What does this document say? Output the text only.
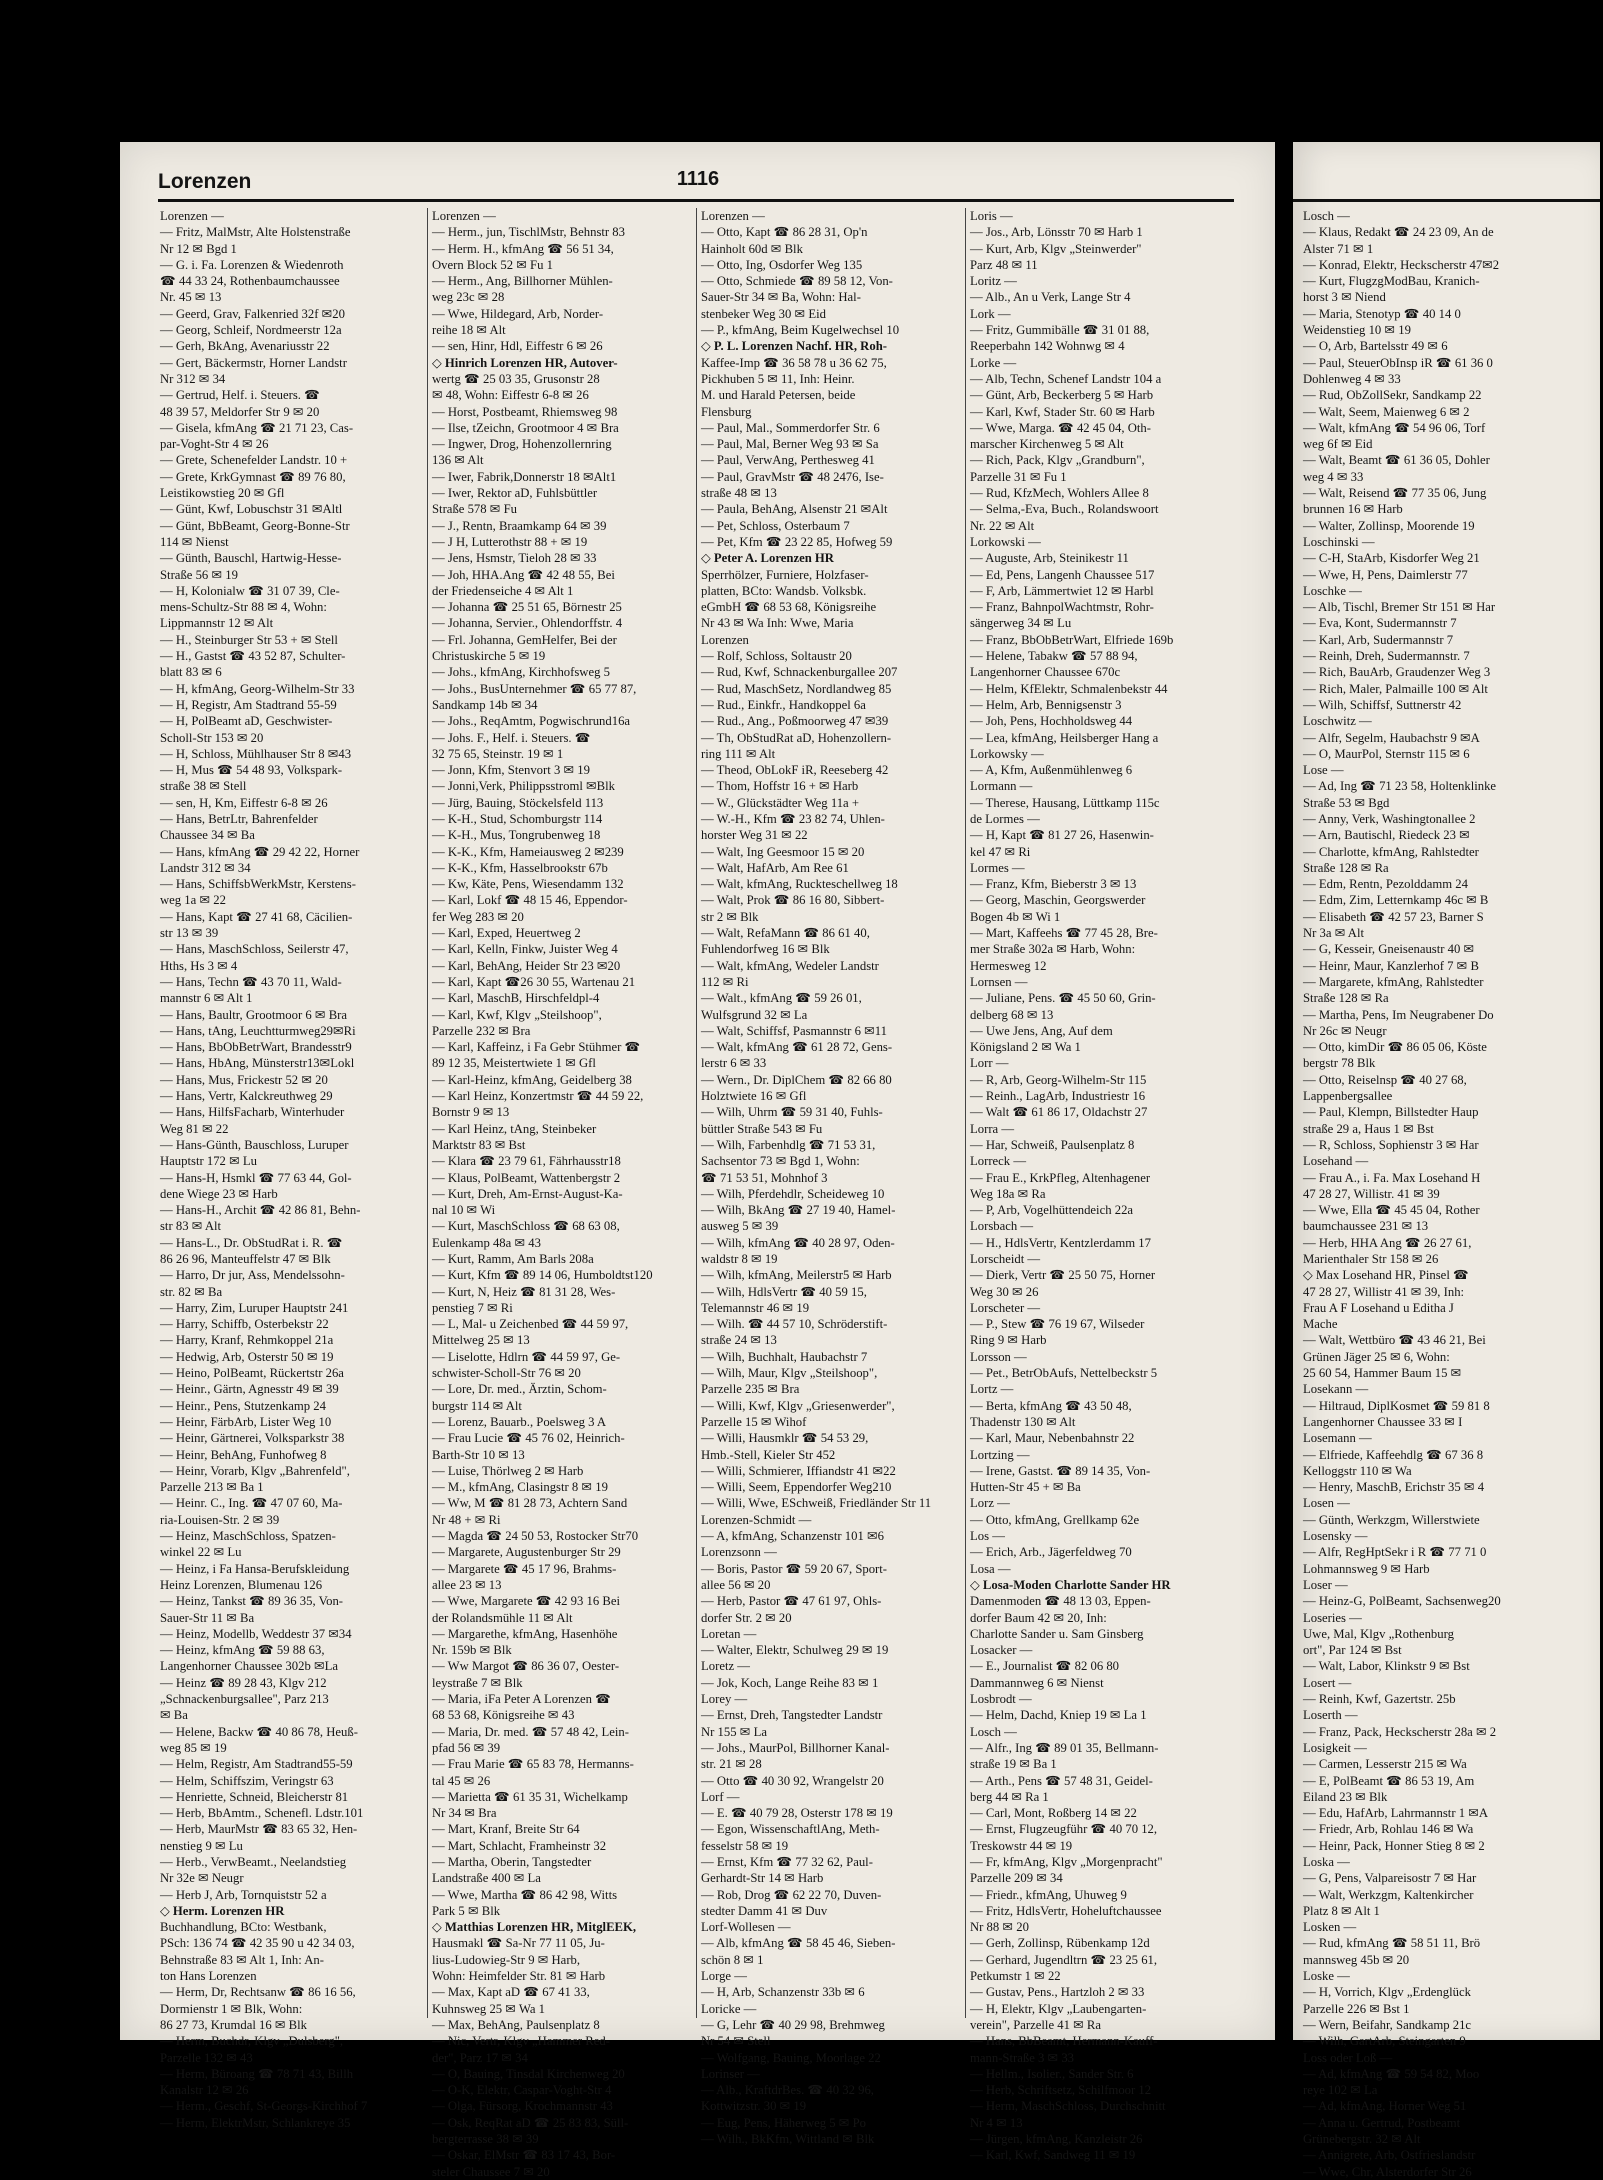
Lorenzen	1116
Lorenzen —
— Fritz, MalMstr, Alte Holstenstraße
Nr 12 ✉ Bgd 1
— G. i. Fa. Lorenzen & Wiedenroth
☎ 44 33 24, Rothenbaumchaussee
Nr. 45 ✉ 13
— Geerd, Grav, Falkenried 32f ✉20
— Georg, Schleif, Nordmeerstr 12a
— Gerh, BkAng, Avenariusstr 22
— Gert, Bäckermstr, Horner Landstr
Nr 312 ✉ 34
— Gertrud, Helf. i. Steuers. ☎
48 39 57, Meldorfer Str 9 ✉ 20
— Gisela, kfmAng ☎ 21 71 23, Cas-
par-Voght-Str 4 ✉ 26
— Grete, Schenefelder Landstr. 10 +
— Grete, KrkGymnast ☎ 89 76 80,
Leistikowstieg 20 ✉ Gfl
— Günt, Kwf, Lobuschstr 31 ✉Altl
— Günt, BbBeamt, Georg-Bonne-Str
114 ✉ Nienst
— Günth, Bauschl, Hartwig-Hesse-
Straße 56 ✉ 19
— H, Kolonialw ☎ 31 07 39, Cle-
mens-Schultz-Str 88 ✉ 4, Wohn:
Lippmannstr 12 ✉ Alt
— H., Steinburger Str 53 + ✉ Stell
— H., Gastst ☎ 43 52 87, Schulter-
blatt 83 ✉ 6
— H, kfmAng, Georg-Wilhelm-Str 33
— H, Registr, Am Stadtrand 55-59
— H, PolBeamt aD, Geschwister-
Scholl-Str 153 ✉ 20
— H, Schloss, Mühlhauser Str 8 ✉43
— H, Mus ☎ 54 48 93, Volkspark-
straße 38 ✉ Stell
— sen, H, Km, Eiffestr 6-8 ✉ 26
— Hans, BetrLtr, Bahrenfelder
Chaussee 34 ✉ Ba
— Hans, kfmAng ☎ 29 42 22, Horner
Landstr 312 ✉ 34
— Hans, SchiffsbWerkMstr, Kerstens-
weg 1a ✉ 22
— Hans, Kapt ☎ 27 41 68, Cäcilien-
str 13 ✉ 39
— Hans, MaschSchloss, Seilerstr 47,
Hths, Hs 3 ✉ 4
— Hans, Techn ☎ 43 70 11, Wald-
mannstr 6 ✉ Alt 1
— Hans, Baultr, Grootmoor 6 ✉ Bra
— Hans, tAng, Leuchtturmweg29✉Ri
— Hans, BbObBetrWart, Brandesstr9
— Hans, HbAng, Münsterstr13✉Lokl
— Hans, Mus, Frickestr 52 ✉ 20
— Hans, Vertr, Kalckreuthweg 29
— Hans, HilfsFacharb, Winterhuder
Weg 81 ✉ 22
— Hans-Günth, Bauschloss, Luruper
Hauptstr 172 ✉ Lu
— Hans-H, Hsmkl ☎ 77 63 44, Gol-
dene Wiege 23 ✉ Harb
— Hans-H., Archit ☎ 42 86 81, Behn-
str 83 ✉ Alt
— Hans-L., Dr. ObStudRat i. R. ☎
86 26 96, Manteuffelstr 47 ✉ Blk
— Harro, Dr jur, Ass, Mendelssohn-
str. 82 ✉ Ba
— Harry, Zim, Luruper Hauptstr 241
— Harry, Schiffb, Osterbekstr 22
— Harry, Kranf, Rehmkoppel 21a
— Hedwig, Arb, Osterstr 50 ✉ 19
— Heino, PolBeamt, Rückertstr 26a
— Heinr., Gärtn, Agnesstr 49 ✉ 39
— Heinr., Pens, Stutzenkamp 24
— Heinr, FärbArb, Lister Weg 10
— Heinr, Gärtnerei, Volksparkstr 38
— Heinr, BehAng, Funhofweg 8
— Heinr, Vorarb, Klgv „Bahrenfeld",
Parzelle 213 ✉ Ba 1
— Heinr. C., Ing. ☎ 47 07 60, Ma-
ria-Louisen-Str. 2 ✉ 39
— Heinz, MaschSchloss, Spatzen-
winkel 22 ✉ Lu
— Heinz, i Fa Hansa-Berufskleidung
Heinz Lorenzen, Blumenau 126
— Heinz, Tankst ☎ 89 36 35, Von-
Sauer-Str 11 ✉ Ba
— Heinz, Modellb, Weddestr 37 ✉34
— Heinz, kfmAng ☎ 59 88 63,
Langenhorner Chaussee 302b ✉La
— Heinz ☎ 89 28 43, Klgv 212
„Schnackenburgsallee", Parz 213
✉ Ba
— Helene, Backw ☎ 40 86 78, Heuß-
weg 85 ✉ 19
— Helm, Registr, Am Stadtrand55-59
— Helm, Schiffszim, Veringstr 63
— Henriette, Schneid, Bleicherstr 81
— Herb, BbAmtm., Schenefl. Ldstr.101
— Herb, MaurMstr ☎ 83 65 32, Hen-
nenstieg 9 ✉ Lu
— Herb., VerwBeamt., Neelandstieg
Nr 32e ✉ Neugr
— Herb J, Arb, Tornquiststr 52 a
◇ Herm. Lorenzen HR
Buchhandlung, BCto: Westbank,
PSch: 136 74 ☎ 42 35 90 u 42 34 03,
Behnstraße 83 ✉ Alt 1, Inh: An-
ton Hans Lorenzen
— Herm, Dr, Rechtsanw ☎ 86 16 56,
Dormienstr 1 ✉ Blk, Wohn:
86 27 73, Krumdal 16 ✉ Blk
— Herm, Buchdr, Klgv „Dulsberg",
Parzelle 132 ✉ 43
— Herm, Büroang ☎ 78 71 43, Billh
Kanalstr 12 ✉ 26
— Herm., Geschf, St-Georgs-Kirchhof 7
— Herm, ElektrMstr, Schlankreye 35
Lorenzen —
— Herm., jun, TischlMstr, Behnstr 83
— Herm. H., kfmAng ☎ 56 51 34,
Overn Block 52 ✉ Fu 1
— Herm., Ang, Billhorner Mühlen-
weg 23c ✉ 28
— Wwe, Hildegard, Arb, Norder-
reihe 18 ✉ Alt
— sen, Hinr, Hdl, Eiffestr 6 ✉ 26
◇ Hinrich Lorenzen HR, Autover-
wertg ☎ 25 03 35, Grusonstr 28
✉ 48, Wohn: Eiffestr 6-8 ✉ 26
— Horst, Postbeamt, Rhiemsweg 98
— Ilse, tZeichn, Grootmoor 4 ✉ Bra
— Ingwer, Drog, Hohenzollernring
136 ✉ Alt
— Iwer, Fabrik,Donnerstr 18 ✉Alt1
— Iwer, Rektor aD, Fuhlsbüttler
Straße 578 ✉ Fu
— J., Rentn, Braamkamp 64 ✉ 39
— J H, Lutterothstr 88 + ✉ 19
— Jens, Hsmstr, Tieloh 28 ✉ 33
— Joh, HHA.Ang ☎ 42 48 55, Bei
der Friedenseiche 4 ✉ Alt 1
— Johanna ☎ 25 51 65, Börnestr 25
— Johanna, Servier., Ohlendorffstr. 4
— Frl. Johanna, GemHelfer, Bei der
Christuskirche 5 ✉ 19
— Johs., kfmAng, Kirchhofsweg 5
— Johs., BusUnternehmer ☎ 65 77 87,
Sandkamp 14b ✉ 34
— Johs., ReqAmtm, Pogwischrund16a
— Johs. F., Helf. i. Steuers. ☎
32 75 65, Steinstr. 19 ✉ 1
— Jonn, Kfm, Stenvort 3 ✉ 19
— Jonni,Verk, Philippsstroml ✉Blk
— Jürg, Bauing, Stöckelsfeld 113
— K-H., Stud, Schomburgstr 114
— K-H., Mus, Tongrubenweg 18
— K-K., Kfm, Hameiausweg 2 ✉239
— K-K., Kfm, Hasselbrookstr 67b
— Kw, Käte, Pens, Wiesendamm 132
— Karl, Lokf ☎ 48 15 46, Eppendor-
fer Weg 283 ✉ 20
— Karl, Exped, Heuertweg 2
— Karl, Kelln, Finkw, Juister Weg 4
— Karl, BehAng, Heider Str 23 ✉20
— Karl, Kapt ☎26 30 55, Wartenau 21
— Karl, MaschB, Hirschfeldpl-4
— Karl, Kwf, Klgv „Steilshoop",
Parzelle 232 ✉ Bra
— Karl, Kaffeinz, i Fa Gebr Stühmer ☎
89 12 35, Meistertwiete 1 ✉ Gfl
— Karl-Heinz, kfmAng, Geidelberg 38
— Karl Heinz, Konzertmstr ☎ 44 59 22,
Bornstr 9 ✉ 13
— Karl Heinz, tAng, Steinbeker
Marktstr 83 ✉ Bst
— Klara ☎ 23 79 61, Fährhausstr18
— Klaus, PolBeamt, Wattenbergstr 2
— Kurt, Dreh, Am-Ernst-August-Ka-
nal 10 ✉ Wi
— Kurt, MaschSchloss ☎ 68 63 08,
Eulenkamp 48a ✉ 43
— Kurt, Ramm, Am Barls 208a
— Kurt, Kfm ☎ 89 14 06, Humboldtst120
— Kurt, N, Heiz ☎ 81 31 28, Wes-
penstieg 7 ✉ Ri
— L, Mal- u Zeichenbed ☎ 44 59 97,
Mittelweg 25 ✉ 13
— Liselotte, Hdlrn ☎ 44 59 97, Ge-
schwister-Scholl-Str 76 ✉ 20
— Lore, Dr. med., Ärztin, Schom-
burgstr 114 ✉ Alt
— Lorenz, Bauarb., Poelsweg 3 A
— Frau Lucie ☎ 45 76 02, Heinrich-
Barth-Str 10 ✉ 13
— Luise, Thörlweg 2 ✉ Harb
— M., kfmAng, Clasingstr 8 ✉ 19
— Ww, M ☎ 81 28 73, Achtern Sand
Nr 48 + ✉ Ri
— Magda ☎ 24 50 53, Rostocker Str70
— Margarete, Augustenburger Str 29
— Margarete ☎ 45 17 96, Brahms-
allee 23 ✉ 13
— Wwe, Margarete ☎ 42 93 16 Bei
der Rolandsmühle 11 ✉ Alt
— Margarethe, kfmAng, Hasenhöhe
Nr. 159b ✉ Blk
— Ww Margot ☎ 86 36 07, Oester-
leystraße 7 ✉ Blk
— Maria, iFa Peter A Lorenzen ☎
68 53 68, Königsreihe ✉ 43
— Maria, Dr. med. ☎ 57 48 42, Lein-
pfad 56 ✉ 39
— Frau Marie ☎ 65 83 78, Hermanns-
tal 45 ✉ 26
— Marietta ☎ 61 35 31, Wichelkamp
Nr 34 ✉ Bra
— Mart, Kranf, Breite Str 64
— Mart, Schlacht, Framheinstr 32
— Martha, Oberin, Tangstedter
Landstraße 400 ✉ La
— Wwe, Martha ☎ 86 42 98, Witts
Park 5 ✉ Blk
◇ Matthias Lorenzen HR, MitglEEK,
Hausmakl ☎ Sa-Nr 77 11 05, Ju-
lius-Ludowieg-Str 9 ✉ Harb,
Wohn: Heimfelder Str. 81 ✉ Harb
— Max, Kapt aD ☎ 67 41 33,
Kuhnsweg 25 ✉ Wa 1
— Max, BehAng, Paulsenplatz 8
— Nic, Vertr, Klgv „Hammer Red-
der", Parz 17 ✉ 34
— O, Bauing, Tinsdal Kirchenweg 20
— O-K, Elektr, Caspar-Voght-Str 4
— Olga, Fürsorg, Krochmannstr 43
— Osk, ReqRat aD ☎ 25 83 83, Süll-
bergterrasse 38 ✉ 39
— Oskar, ElMstr ☎ 83 17 43, Bor-
steler Chaussee 7 ✉ 20
Lorenzen —
— Otto, Kapt ☎ 86 28 31, Op'n
Hainholt 60d ✉ Blk
— Otto, Ing, Osdorfer Weg 135
— Otto, Schmiede ☎ 89 58 12, Von-
Sauer-Str 34 ✉ Ba, Wohn: Hal-
stenbeker Weg 30 ✉ Eid
— P., kfmAng, Beim Kugelwechsel 10
◇ P. L. Lorenzen Nachf. HR, Roh-
Kaffee-Imp ☎ 36 58 78 u 36 62 75,
Pickhuben 5 ✉ 11, Inh: Heinr.
M. und Harald Petersen, beide
Flensburg
— Paul, Mal., Sommerdorfer Str. 6
— Paul, Mal, Berner Weg 93 ✉ Sa
— Paul, VerwAng, Perthesweg 41
— Paul, GravMstr ☎ 48 2476, Ise-
straße 48 ✉ 13
— Paula, BehAng, Alsenstr 21 ✉Alt
— Pet, Schloss, Osterbaum 7
— Pet, Kfm ☎ 23 22 85, Hofweg 59
◇ Peter A. Lorenzen HR
Sperrhölzer, Furniere, Holzfaser-
platten, BCto: Wandsb. Volksbk.
eGmbH ☎ 68 53 68, Königsreihe
Nr 43 ✉ Wa Inh: Wwe, Maria
Lorenzen
— Rolf, Schloss, Soltaustr 20
— Rud, Kwf, Schnackenburgallee 207
— Rud, MaschSetz, Nordlandweg 85
— Rud., Einkfr., Handkoppel 6a
— Rud., Ang., Poßmoorweg 47 ✉39
— Th, ObStudRat aD, Hohenzollern-
ring 111 ✉ Alt
— Theod, ObLokF iR, Reeseberg 42
— Thom, Hoffstr 16 + ✉ Harb
— W., Glückstädter Weg 11a +
— W.-H., Kfm ☎ 23 82 74, Uhlen-
horster Weg 31 ✉ 22
— Walt, Ing Geesmoor 15 ✉ 20
— Walt, HafArb, Am Ree 61
— Walt, kfmAng, Ruckteschellweg 18
— Walt, Prok ☎ 86 16 80, Sibbert-
str 2 ✉ Blk
— Walt, RefaMann ☎ 86 61 40,
Fuhlendorfweg 16 ✉ Blk
— Walt, kfmAng, Wedeler Landstr
112 ✉ Ri
— Walt., kfmAng ☎ 59 26 01,
Wulfsgrund 32 ✉ La
— Walt, Schiffsf, Pasmannstr 6 ✉11
— Walt, kfmAng ☎ 61 28 72, Gens-
lerstr 6 ✉ 33
— Wern., Dr. DiplChem ☎ 82 66 80
Holztwiete 16 ✉ Gfl
— Wilh, Uhrm ☎ 59 31 40, Fuhls-
büttler Straße 543 ✉ Fu
— Wilh, Farbenhdlg ☎ 71 53 31,
Sachsentor 73 ✉ Bgd 1, Wohn:
☎ 71 53 51, Mohnhof 3
— Wilh, Pferdehdlr, Scheideweg 10
— Wilh, BkAng ☎ 27 19 40, Hamel-
ausweg 5 ✉ 39
— Wilh, kfmAng ☎ 40 28 97, Oden-
waldstr 8 ✉ 19
— Wilh, kfmAng, Meilerstr5 ✉ Harb
— Wilh, HdlsVertr ☎ 40 59 15,
Telemannstr 46 ✉ 19
— Wilh. ☎ 44 57 10, Schröderstift-
straße 24 ✉ 13
— Wilh, Buchhalt, Haubachstr 7
— Wilh, Maur, Klgv „Steilshoop",
Parzelle 235 ✉ Bra
— Willi, Kwf, Klgv „Griesenwerder",
Parzelle 15 ✉ Wihof
— Willi, Hausmklr ☎ 54 53 29,
Hmb.-Stell, Kieler Str 452
— Willi, Schmierer, Iffiandstr 41 ✉22
— Willi, Seem, Eppendorfer Weg210
— Willi, Wwe, ESchweiß, Friedländer Str 11
Lorenzen-Schmidt —
— A, kfmAng, Schanzenstr 101 ✉6
Lorenzsonn —
— Boris, Pastor ☎ 59 20 67, Sport-
allee 56 ✉ 20
— Herb, Pastor ☎ 47 61 97, Ohls-
dorfer Str. 2 ✉ 20
Loretan —
— Walter, Elektr, Schulweg 29 ✉ 19
Loretz —
— Jok, Koch, Lange Reihe 83 ✉ 1
Lorey —
— Ernst, Dreh, Tangstedter Landstr
Nr 155 ✉ La
— Johs., MaurPol, Billhorner Kanal-
str. 21 ✉ 28
— Otto ☎ 40 30 92, Wrangelstr 20
Lorf —
— E. ☎ 40 79 28, Osterstr 178 ✉ 19
— Egon, WissenschaftlAng, Meth-
fesselstr 58 ✉ 19
— Ernst, Kfm ☎ 77 32 62, Paul-
Gerhardt-Str 14 ✉ Harb
— Rob, Drog ☎ 62 22 70, Duven-
stedter Damm 41 ✉ Duv
Lorf-Wollesen —
— Alb, kfmAng ☎ 58 45 46, Sieben-
schön 8 ✉ 1
Lorge —
— H, Arb, Schanzenstr 33b ✉ 6
Loricke —
— G, Lehr ☎ 40 29 98, Brehmweg
Nr 54 ✉ Stell
— Wolfgang, Bauing, Moorlage 22
Lorinser —
— Alb., KraftdrBes. ☎ 40 32 96,
Kottwitzstr. 30 ✉ 19
— Eug, Pens, Häherweg 5 ✉ Po
— Wilh., BkKfm, Wittland ✉ Blk
Loris —
— Jos., Arb, Lönsstr 70 ✉ Harb 1
— Kurt, Arb, Klgv „Steinwerder"
Parz 48 ✉ 11
Loritz —
— Alb., An u Verk, Lange Str 4
Lork —
— Fritz, Gummibälle ☎ 31 01 88,
Reeperbahn 142 Wohnwg ✉ 4
Lorke —
— Alb, Techn, Schenef Landstr 104 a
— Günt, Arb, Beckerberg 5 ✉ Harb
— Karl, Kwf, Stader Str. 60 ✉ Harb
— Wwe, Marga. ☎ 42 45 04, Oth-
marscher Kirchenweg 5 ✉ Alt
— Rich, Pack, Klgv „Grandburn",
Parzelle 31 ✉ Fu 1
— Rud, KfzMech, Wohlers Allee 8
— Selma,-Eva, Buch., Rolandswoort
Nr. 22 ✉ Alt
Lorkowski —
— Auguste, Arb, Steinikestr 11
— Ed, Pens, Langenh Chaussee 517
— F, Arb, Lämmertwiet 12 ✉ Harbl
— Franz, BahnpolWachtmstr, Rohr-
sängerweg 34 ✉ Lu
— Franz, BbObBetrWart, Elfriede 169b
— Helene, Tabakw ☎ 57 88 94,
Langenhorner Chaussee 670c
— Helm, KfElektr, Schmalenbekstr 44
— Helm, Arb, Bennigsenstr 3
— Joh, Pens, Hochholdsweg 44
— Lea, kfmAng, Heilsberger Hang a
Lorkowsky —
— A, Kfm, Außenmühlenweg 6
Lormann —
— Therese, Hausang, Lüttkamp 115c
de Lormes —
— H, Kapt ☎ 81 27 26, Hasenwin-
kel 47 ✉ Ri
Lormes —
— Franz, Kfm, Bieberstr 3 ✉ 13
— Georg, Maschin, Georgswerder
Bogen 4b ✉ Wi 1
— Mart, Kaffeehs ☎ 77 45 28, Bre-
mer Straße 302a ✉ Harb, Wohn:
Hermesweg 12
Lornsen —
— Juliane, Pens. ☎ 45 50 60, Grin-
delberg 68 ✉ 13
— Uwe Jens, Ang, Auf dem
Königsland 2 ✉ Wa 1
Lorr —
— R, Arb, Georg-Wilhelm-Str 115
— Reinh., LagArb, Industriestr 16
— Walt ☎ 61 86 17, Oldachstr 27
Lorra —
— Har, Schweiß, Paulsenplatz 8
Lorreck —
— Frau E., KrkPfleg, Altenhagener
Weg 18a ✉ Ra
— P, Arb, Vogelhüttendeich 22a
Lorsbach —
— H., HdlsVertr, Kentzlerdamm 17
Lorscheidt —
— Dierk, Vertr ☎ 25 50 75, Horner
Weg 30 ✉ 26
Lorscheter —
— P., Stew ☎ 76 19 67, Wilseder
Ring 9 ✉ Harb
Lorsson —
— Pet., BetrObAufs, Nettelbeckstr 5
Lortz —
— Berta, kfmAng ☎ 43 50 48,
Thadenstr 130 ✉ Alt
— Karl, Maur, Nebenbahnstr 22
Lortzing —
— Irene, Gastst. ☎ 89 14 35, Von-
Hutten-Str 45 + ✉ Ba
Lorz —
— Otto, kfmAng, Grellkamp 62e
Los —
— Erich, Arb., Jägerfeldweg 70
Losa —
◇ Losa-Moden Charlotte Sander HR
Damenmoden ☎ 48 13 03, Eppen-
dorfer Baum 42 ✉ 20, Inh:
Charlotte Sander u. Sam Ginsberg
Losacker —
— E., Journalist ☎ 82 06 80
Dammannweg 6 ✉ Nienst
Losbrodt —
— Helm, Dachd, Kniep 19 ✉ La 1
Losch —
— Alfr., Ing ☎ 89 01 35, Bellmann-
straße 19 ✉ Ba 1
— Arth., Pens ☎ 57 48 31, Geidel-
berg 44 ✉ Ra 1
— Carl, Mont, Roßberg 14 ✉ 22
— Ernst, Flugzeugführ ☎ 40 70 12,
Treskowstr 44 ✉ 19
— Fr, kfmAng, Klgv „Morgenpracht"
Parzelle 209 ✉ 34
— Friedr., kfmAng, Uhuweg 9
— Fritz, HdlsVertr, Hoheluftchaussee
Nr 88 ✉ 20
— Gerh, Zollinsp, Rübenkamp 12d
— Gerhard, Jugendltrn ☎ 23 25 61,
Petkumstr 1 ✉ 22
— Gustav, Pens., Hartzloh 2 ✉ 33
— H, Elektr, Klgv „Laubengarten-
verein", Parzelle 41 ✉ Ra
— Hans, BbBeamt, Hermann-Kauff-
mann-Straße 3 ✉ 33
— Hellm., Isolier., Sander Str. 6
— Herb, Schriftsetz, Schilfmoor 12
— Herm, MaschSchloss, Durchschnitt
Nr 4 ✉ 13
— Jürgen, kfmAng, Kanzleistr 26
— Karl, Kwf, Sandweg 11 ✉ 19
Losch —
— Klaus, Redakt ☎ 24 23 09, An de
Alster 71 ✉ 1
— Konrad, Elektr, Heckscherstr 47✉2
— Kurt, FlugzgModBau, Kranich-
horst 3 ✉ Niend
— Maria, Stenotyp ☎ 40 14 0
Weidenstieg 10 ✉ 19
— O, Arb, Bartelsstr 49 ✉ 6
— Paul, SteuerObInsp iR ☎ 61 36 0
Dohlenweg 4 ✉ 33
— Rud, ObZollSekr, Sandkamp 22
— Walt, Seem, Maienweg 6 ✉ 2
— Walt, kfmAng ☎ 54 96 06, Torf
weg 6f ✉ Eid
— Walt, Beamt ☎ 61 36 05, Dohler
weg 4 ✉ 33
— Walt, Reisend ☎ 77 35 06, Jung
brunnen 16 ✉ Harb
— Walter, Zollinsp, Moorende 19
Loschinski —
— C-H, StaArb, Kisdorfer Weg 21
— Wwe, H, Pens, Daimlerstr 77
Loschke —
— Alb, Tischl, Bremer Str 151 ✉ Har
— Eva, Kont, Sudermannstr 7
— Karl, Arb, Sudermannstr 7
— Reinh, Dreh, Sudermannstr. 7
— Rich, BauArb, Graudenzer Weg 3
— Rich, Maler, Palmaille 100 ✉ Alt
— Wilh, Schiffsf, Suttnerstr 42
Loschwitz —
— Alfr, Segelm, Haubachstr 9 ✉A
— O, MaurPol, Sternstr 115 ✉ 6
Lose —
— Ad, Ing ☎ 71 23 58, Holtenklinke
Straße 53 ✉ Bgd
— Anny, Verk, Washingtonallee 2
— Arn, Bautischl, Riedeck 23 ✉
— Charlotte, kfmAng, Rahlstedter
Straße 128 ✉ Ra
— Edm, Rentn, Pezolddamm 24
— Edm, Zim, Letternkamp 46c ✉ B
— Elisabeth ☎ 42 57 23, Barner S
Nr 3a ✉ Alt
— G, Kesseir, Gneisenaustr 40 ✉
— Heinr, Maur, Kanzlerhof 7 ✉ B
— Margarete, kfmAng, Rahlstedter
Straße 128 ✉ Ra
— Martha, Pens, Im Neugrabener Do
Nr 26c ✉ Neugr
— Otto, kimDir ☎ 86 05 06, Köste
bergstr 78 Blk
— Otto, Reiselnsp ☎ 40 27 68,
Lappenbergsallee
— Paul, Klempn, Billstedter Haup
straße 29 a, Haus 1 ✉ Bst
— R, Schloss, Sophienstr 3 ✉ Har
Losehand —
— Frau A., i. Fa. Max Losehand H
47 28 27, Willistr. 41 ✉ 39
— Wwe, Ella ☎ 45 45 04, Rother
baumchaussee 231 ✉ 13
— Herb, HHA Ang ☎ 26 27 61,
Marienthaler Str 158 ✉ 26
◇ Max Losehand HR, Pinsel ☎
47 28 27, Willistr 41 ✉ 39, Inh:
Frau A F Losehand u Editha J
Mache
— Walt, Wettbüro ☎ 43 46 21, Bei
Grünen Jäger 25 ✉ 6, Wohn:
25 60 54, Hammer Baum 15 ✉
Losekann —
— Hiltraud, DiplKosmet ☎ 59 81 8
Langenhorner Chaussee 33 ✉ I
Losemann —
— Elfriede, Kaffeehdlg ☎ 67 36 8
Kelloggstr 110 ✉ Wa
— Henry, MaschB, Erichstr 35 ✉ 4
Losen —
— Günth, Werkzgm, Willerstwiete
Losensky —
— Alfr, RegHptSekr i R ☎ 77 71 0
Lohmannsweg 9 ✉ Harb
Loser —
— Heinz-G, PolBeamt, Sachsenweg20
Loseries —
Uwe, Mal, Klgv „Rothenburg
ort", Par 124 ✉ Bst
— Walt, Labor, Klinkstr 9 ✉ Bst
Losert —
— Reinh, Kwf, Gazertstr. 25b
Loserth —
— Franz, Pack, Heckscherstr 28a ✉ 2
Losigkeit —
— Carmen, Lesserstr 215 ✉ Wa
— E, PolBeamt ☎ 86 53 19, Am
Eiland 23 ✉ Blk
— Edu, HafArb, Lahrmannstr 1 ✉A
— Friedr, Arb, Rohlau 146 ✉ Wa
— Heinr, Pack, Honner Stieg 8 ✉ 2
Loska —
— G, Pens, Valpareisostr 7 ✉ Har
— Walt, Werkzgm, Kaltenkircher
Platz 8 ✉ Alt 1
Losken —
— Rud, kfmAng ☎ 58 51 11, Brö
mannsweg 45b ✉ 20
Loske —
— H, Vorrich, Klgv „Erdenglück
Parzelle 226 ✉ Bst 1
— Wern, Beifahr, Sandkamp 21c
— Wilh, GartArb, Steingarten 9
Loss oder Loß —
— Ad, kfmAng ☎ 59 54 82, Moo
reye 102 ✉ La
— Ad, kfmAng, Horner Weg 51
— Anna u. Gertrud, Postbeamt
Grünebergstr. 32 ✉ Alt
— Annigrete, Arb, Ostfrieslandstr
— Wwe, Chr, Alsterdorfer Str 26
